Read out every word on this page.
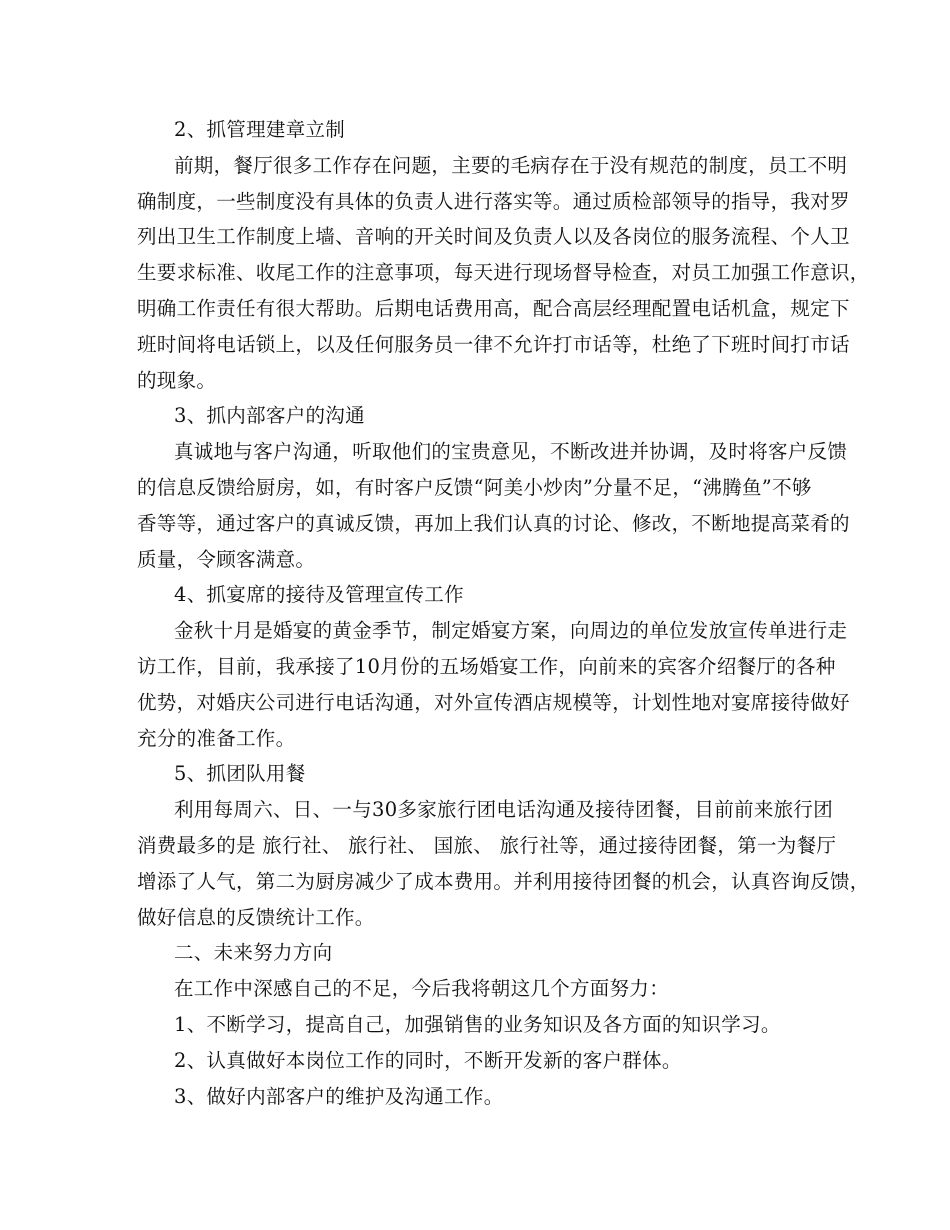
2、抓管理建章立制
前期，餐厅很多工作存在问题，主要的毛病存在于没有规范的制度，员工不明
确制度，一些制度没有具体的负责人进行落实等。通过质检部领导的指导，我对罗
列出卫生工作制度上墙、音响的开关时间及负责人以及各岗位的服务流程、个人卫
生要求标准、收尾工作的注意事项，每天进行现场督导检查，对员工加强工作意识，
明确工作责任有很大帮助。后期电话费用高，配合高层经理配置电话机盒，规定下
班时间将电话锁上，以及任何服务员一律不允许打市话等，杜绝了下班时间打市话
的现象。
3、抓内部客户的沟通
真诚地与客户沟通，听取他们的宝贵意见，不断改进并协调，及时将客户反馈
的信息反馈给厨房，如，有时客户反馈“阿美小炒肉”分量不足，“沸腾鱼”不够
香等等，通过客户的真诚反馈，再加上我们认真的讨论、修改，不断地提高菜肴的
质量，令顾客满意。
4、抓宴席的接待及管理宣传工作
金秋十月是婚宴的黄金季节，制定婚宴方案，向周边的单位发放宣传单进行走
访工作，目前，我承接了10月份的五场婚宴工作，向前来的宾客介绍餐厅的各种
优势，对婚庆公司进行电话沟通，对外宣传酒店规模等，计划性地对宴席接待做好
充分的准备工作。
5、抓团队用餐
利用每周六、日、一与30多家旅行团电话沟通及接待团餐，目前前来旅行团
消费最多的是 旅行社、 旅行社、 国旅、 旅行社等，通过接待团餐，第一为餐厅
增添了人气，第二为厨房减少了成本费用。并利用接待团餐的机会，认真咨询反馈，
做好信息的反馈统计工作。
二、未来努力方向
在工作中深感自己的不足，今后我将朝这几个方面努力：
1、不断学习，提高自己，加强销售的业务知识及各方面的知识学习。
2、认真做好本岗位工作的同时，不断开发新的客户群体。
3、做好内部客户的维护及沟通工作。
